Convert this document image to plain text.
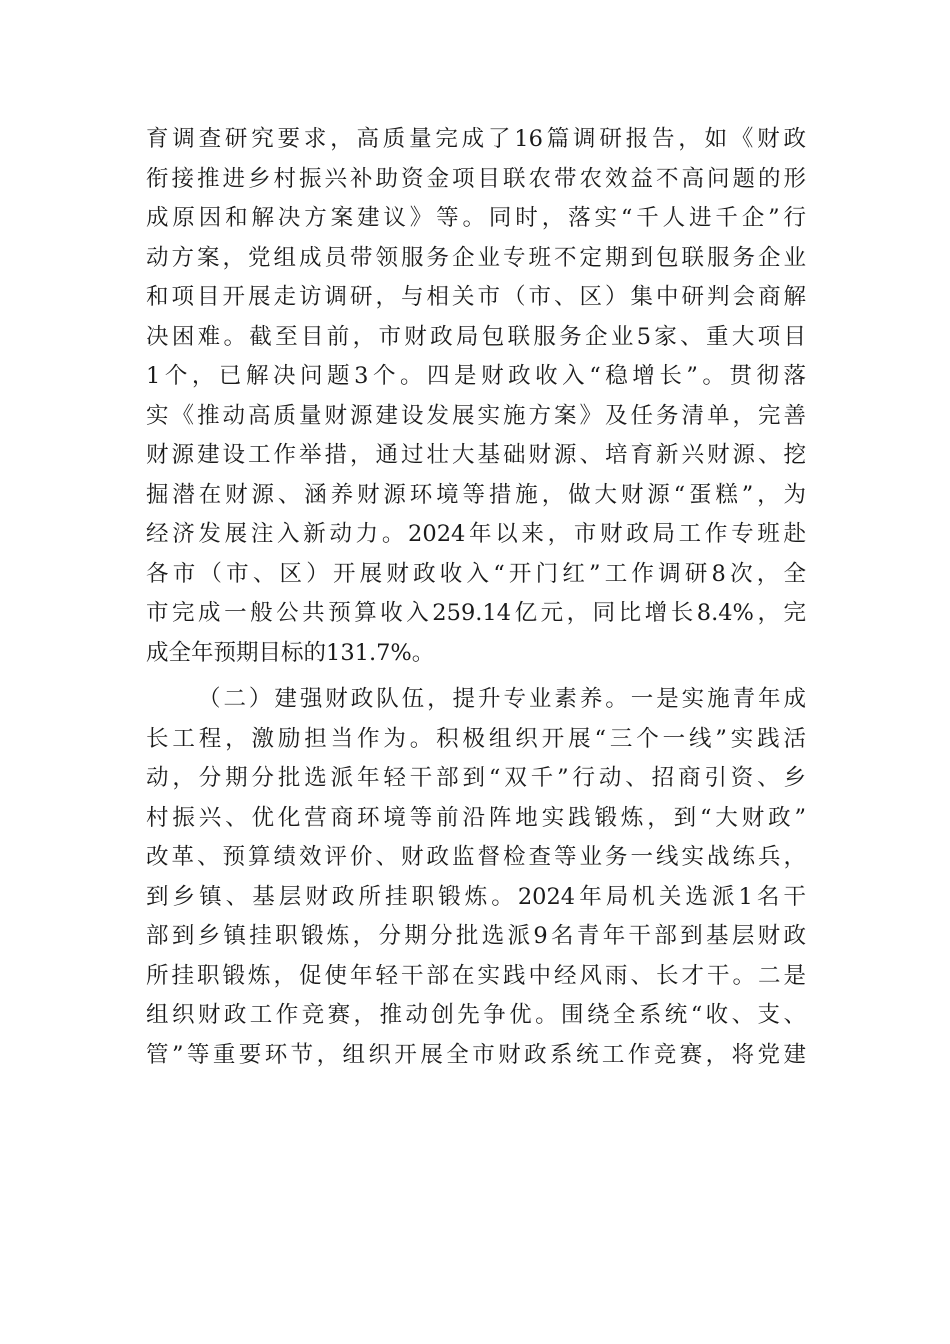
育调查研究要求，高质量完成了16篇调研报告，如《财政
衔接推进乡村振兴补助资金项目联农带农效益不高问题的形
成原因和解决方案建议》等。同时，落实“千人进千企”行
动方案，党组成员带领服务企业专班不定期到包联服务企业
和项目开展走访调研，与相关市（市、区）集中研判会商解
决困难。截至目前，市财政局包联服务企业5家、重大项目
1个，已解决问题3个。四是财政收入“稳增长”。贯彻落
实《推动高质量财源建设发展实施方案》及任务清单，完善
财源建设工作举措，通过壮大基础财源、培育新兴财源、挖
掘潜在财源、涵养财源环境等措施，做大财源“蛋糕”，为
经济发展注入新动力。2024年以来，市财政局工作专班赴
各市（市、区）开展财政收入“开门红”工作调研8次，全
市完成一般公共预算收入259.14亿元，同比增长8.4%，完
成全年预期目标的131.7%。
（二）建强财政队伍，提升专业素养。一是实施青年成
长工程，激励担当作为。积极组织开展“三个一线”实践活
动，分期分批选派年轻干部到“双千”行动、招商引资、乡
村振兴、优化营商环境等前沿阵地实践锻炼，到“大财政”
改革、预算绩效评价、财政监督检查等业务一线实战练兵，
到乡镇、基层财政所挂职锻炼。2024年局机关选派1名干
部到乡镇挂职锻炼，分期分批选派9名青年干部到基层财政
所挂职锻炼，促使年轻干部在实践中经风雨、长才干。二是
组织财政工作竞赛，推动创先争优。围绕全系统“收、支、
管”等重要环节，组织开展全市财政系统工作竞赛，将党建
